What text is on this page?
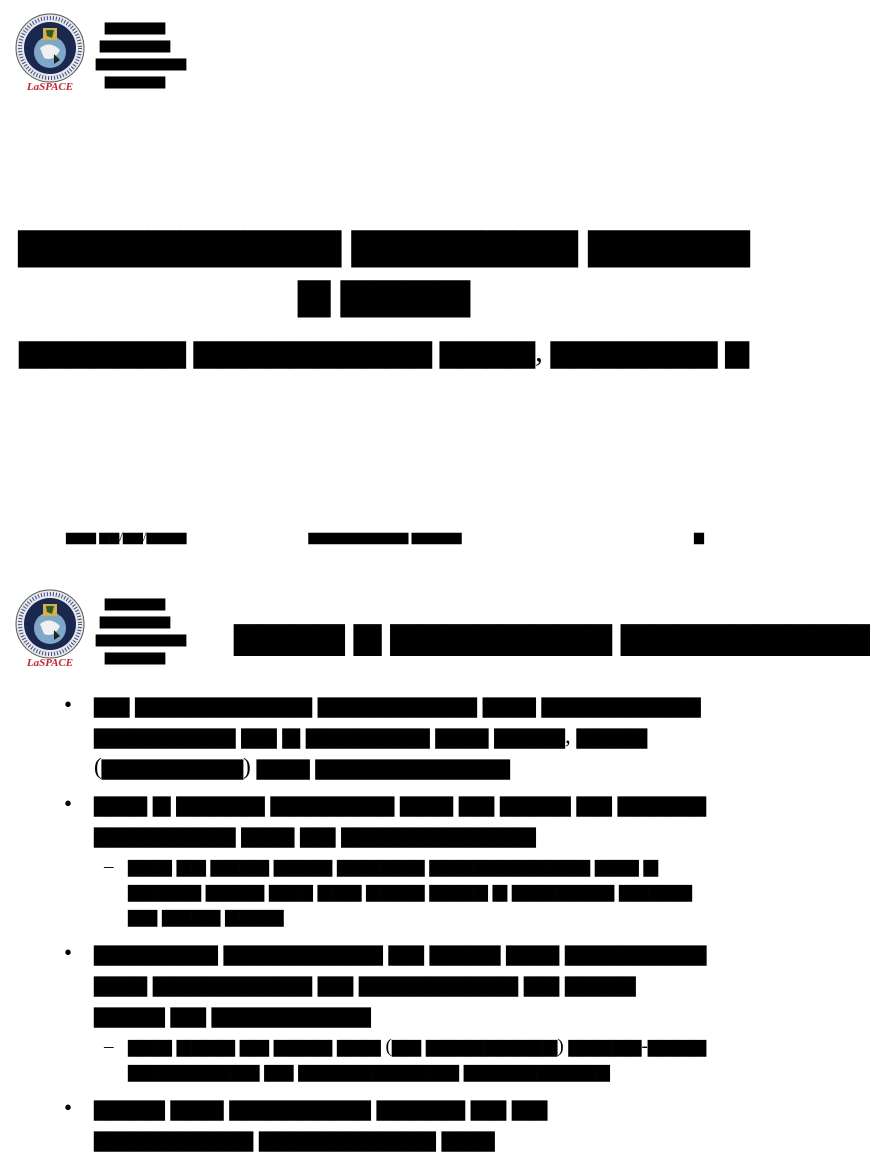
LaSPACE
▆▆▆▆▆▆
▆▆▆▆▆▆▆
▆▆▆▆▆▆▆▆▆
▆▆▆▆▆▆
▆▆▆▆▆▆▆▆▆▆ ▆▆▆▆▆▆▆ ▆▆▆▆▆ ▆ ▆▆▆▆
▆▆▆▆▆▆▆ ▆▆▆▆▆▆▆▆▆▆ ▆▆▆▆, ▆▆▆▆▆▆▆ ▆
▆▆▆ ▆▆/▆▆/▆▆▆▆	▆▆▆▆▆▆▆▆▆▆ ▆▆▆▆▆	▆
LaSPACE
▆▆▆▆▆▆
▆▆▆▆▆▆▆
▆▆▆▆▆▆▆▆▆
▆▆▆▆▆▆
▆▆▆▆ ▆ ▆▆▆▆▆▆▆▆ ▆▆▆▆▆▆▆▆▆
• ▆▆ ▆▆▆▆▆▆▆▆▆▆ ▆▆▆▆▆▆▆▆▆ ▆▆▆ ▆▆▆▆▆▆▆▆▆ ▆▆▆▆▆▆▆▆ ▆▆ ▆ ▆▆▆▆▆▆▆ ▆▆▆ ▆▆▆▆, ▆▆▆▆ (▆▆▆▆▆▆▆▆) ▆▆▆ ▆▆▆▆▆▆▆▆▆▆▆
• ▆▆▆ ▆ ▆▆▆▆▆ ▆▆▆▆▆▆▆ ▆▆▆ ▆▆ ▆▆▆▆ ▆▆ ▆▆▆▆▆ ▆▆▆▆▆▆▆▆ ▆▆▆ ▆▆ ▆▆▆▆▆▆▆▆▆▆▆
– ▆▆▆ ▆▆ ▆▆▆▆ ▆▆▆▆ ▆▆▆▆▆▆ ▆▆▆▆▆▆▆▆▆▆▆ ▆▆▆ ▆ ▆▆▆▆▆ ▆▆▆▆ ▆▆▆ ▆▆▆ ▆▆▆▆ ▆▆▆▆ ▆ ▆▆▆▆▆▆▆ ▆▆▆▆▆ ▆▆ ▆▆▆▆ ▆▆▆▆
• ▆▆▆▆▆▆▆ ▆▆▆▆▆▆▆▆▆ ▆▆ ▆▆▆▆ ▆▆▆ ▆▆▆▆▆▆▆▆ ▆▆▆ ▆▆▆▆▆▆▆▆▆ ▆▆ ▆▆▆▆▆▆▆▆▆ ▆▆ ▆▆▆▆ ▆▆▆▆ ▆▆ ▆▆▆▆▆▆▆▆▆
– ▆▆▆ ▆▆▆▆ ▆▆ ▆▆▆▆ ▆▆▆ (▆▆ ▆▆▆▆▆▆▆▆▆) ▆▆▆▆▆-▆▆▆▆ ▆▆▆▆▆▆▆▆▆ ▆▆ ▆▆▆▆▆▆▆▆▆▆▆ ▆▆▆▆▆▆▆▆▆▆
• ▆▆▆▆ ▆▆▆ ▆▆▆▆▆▆▆▆ ▆▆▆▆▆ ▆▆ ▆▆ ▆▆▆▆▆▆▆▆▆ ▆▆▆▆▆▆▆▆▆▆ ▆▆▆
